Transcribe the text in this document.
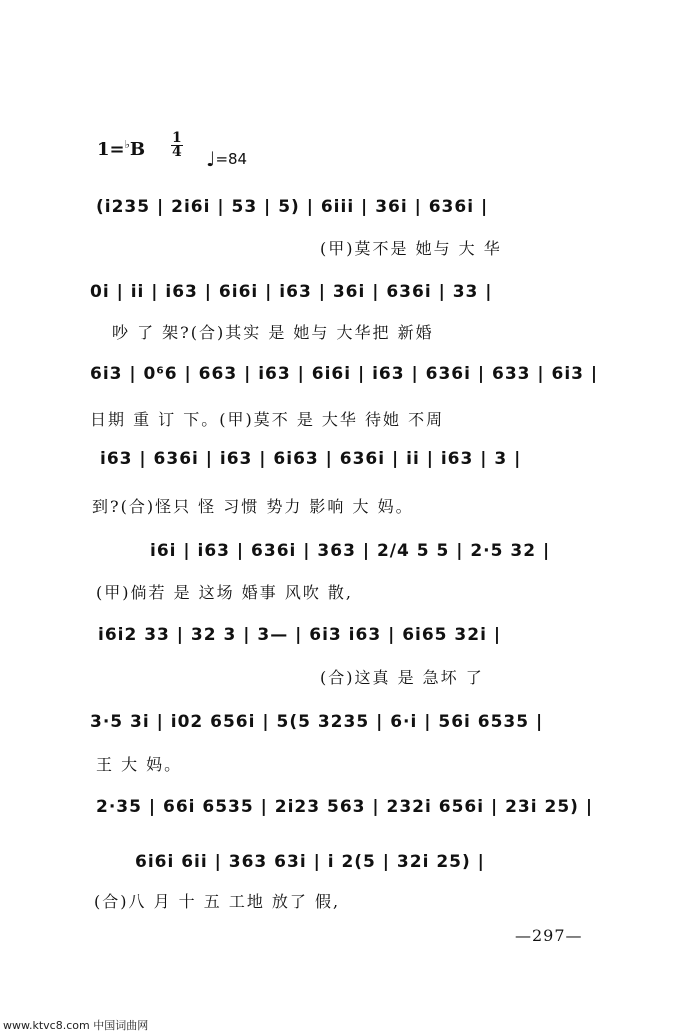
1=♭B
1
4 ♩=84
(i235 | 2i6i | 53 | 5) | 6iii | 36i | 636i |
(甲)莫不是 她与 大 华
0i | ii | i63 | 6i6i | i63 | 36i | 636i | 33 |
吵 了 架?(合)其实 是 她与 大华把 新婚
6i3 | 0⁶6 | 663 | i63 | 6i6i | i63 | 636i | 633 | 6i3 |
日期 重 订 下。(甲)莫不 是 大华 待她 不周
i63 | 636i | i63 | 6i63 | 636i | ii | i63 | 3 |
到?(合)怪只 怪 习惯 势力 影响 大 妈。
i6i | i63 | 636i | 363 | 2/4 5 5 | 2·5 32 |
(甲)倘若 是 这场 婚事 风吹 散,
i6i2 33 | 32 3 | 3— | 6i3 i63 | 6i65 32i |
(合)这真 是 急坏 了
3·5 3i | i02 656i | 5(5 3235 | 6·i | 56i 6535 |
王 大 妈。
2·35 | 66i 6535 | 2i23 563 | 232i 656i | 23i 25) |
6i6i 6ii | 363 63i | i 2(5 | 32i 25) |
(合)八 月 十 五 工地 放了 假,
—297—
www.ktvc8.com 中国词曲网
